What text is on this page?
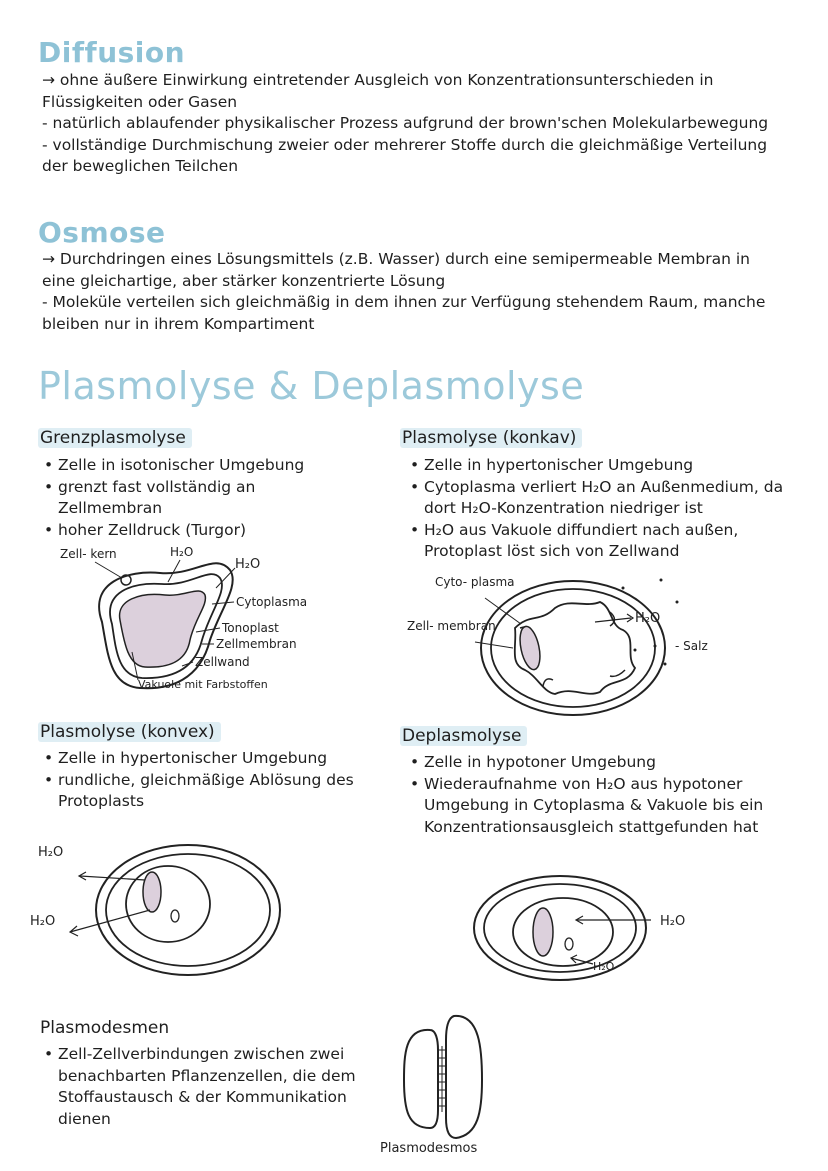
Diffusion

→ ohne äußere Einwirkung eintretender Ausgleich von Konzentrationsunterschieden in Flüssigkeiten oder Gasen

- natürlich ablaufender physikalischer Prozess aufgrund der brown'schen Molekularbewegung

- vollständige Durchmischung zweier oder mehrerer Stoffe durch die gleichmäßige Verteilung der beweglichen Teilchen

Osmose

→ Durchdringen eines Lösungsmittels (z.B. Wasser) durch eine semipermeable Membran in eine gleichartige, aber stärker konzentrierte Lösung

- Moleküle verteilen sich gleichmäßig in dem ihnen zur Verfügung stehendem Raum, manche bleiben nur in ihrem Kompartiment

Plasmolyse & Deplasmolyse
Grenzplasmolyse
• Zelle in isotonischer Umgebung
• grenzt fast vollständig an Zellmembran
• hoher Zelldruck (Turgor)
Zell- kern	H₂O
H₂O
Cytoplasma
Tonoplast
Zellmembran
Zellwand
Vakuole mit Farbstoffen
Plasmolyse (konkav)
• Zelle in hypertonischer Umgebung
• Cytoplasma verliert H₂O an Außenmedium, da dort H₂O-Konzentration niedriger ist
• H₂O aus Vakuole diffundiert nach außen, Protoplast löst sich von Zellwand
Cyto- plasma
Zell- membran	H₂O
- Salz
Plasmolyse (konvex)
• Zelle in hypertonischer Umgebung
• rundliche, gleichmäßige Ablösung des Protoplasts
H₂O
H₂O
Deplasmolyse
• Zelle in hypotoner Umgebung
• Wiederaufnahme von H₂O aus hypotoner Umgebung in Cytoplasma & Vakuole bis ein Konzentrationsausgleich stattgefunden hat
H₂O
H₂O
Plasmodesmen
• Zell-Zellverbindungen zwischen zwei benachbarten Pflanzenzellen, die dem Stoffaustausch & der Kommunikation dienen
Plasmodesmos
